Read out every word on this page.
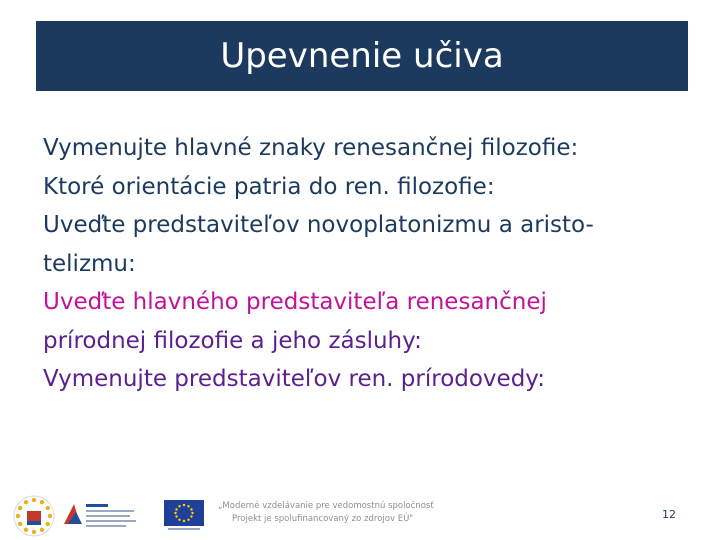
Upevnenie učiva
Vymenujte hlavné znaky renesančnej filozofie:
Ktoré orientácie patria do ren. filozofie:
Uveďte predstaviteľov novoplatonizmu a aristo-
telizmu:
Uveďte hlavného predstaviteľa renesančnej
prírodnej filozofie a jeho zásluhy:
Vymenujte predstaviteľov ren. prírodovedy:
„Moderné vzdelávanie pre vedomostnú spoločnosť
Projekt je spolufinancovaný zo zdrojov EÚ"	12
